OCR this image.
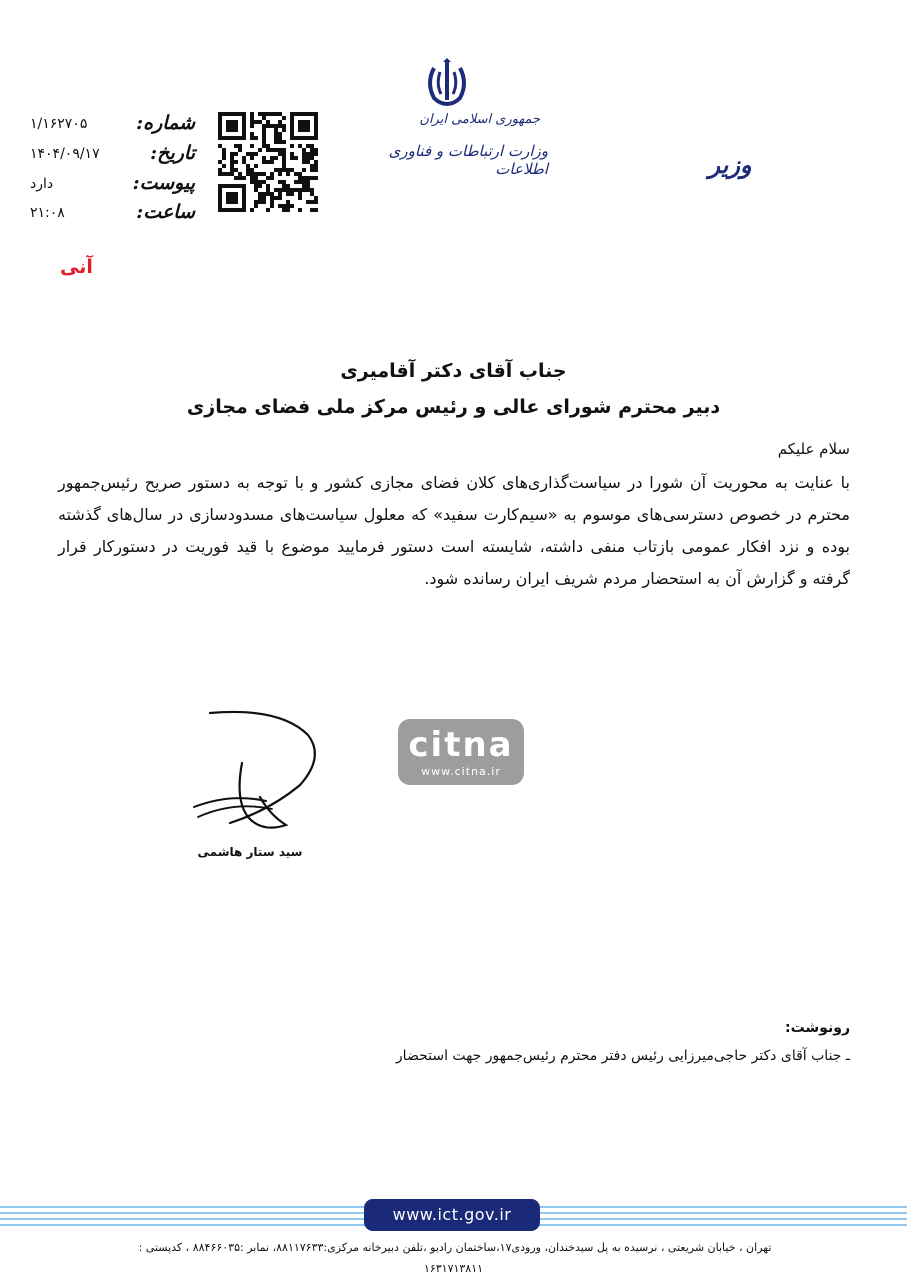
جمهوری اسلامی ایران
وزارت ارتباطات و فناوری اطلاعات	وزیر
شماره:
۱/۱۶۲۷۰۵
تاریخ:
۱۴۰۴/۰۹/۱۷
پیوست:
دارد
ساعت:
۲۱:۰۸
آنی
جناب آقای دکتر آقامیری
دبیر محترم شورای عالی و رئیس مرکز ملی فضای مجازی
سلام علیکم
با عنایت به محوریت آن شورا در سیاست‌گذاری‌های کلان فضای مجازی کشور و با توجه به دستور صریح رئیس‌جمهور محترم در خصوص دسترسی‌های موسوم به «سیم‌کارت سفید» که معلول سیاست‌های مسدودسازی در سال‌های گذشته بوده و نزد افکار عمومی بازتاب منفی داشته، شایسته است دستور فرمایید موضوع با قید فوریت در دستورکار قرار گرفته و گزارش آن به استحضار مردم شریف ایران رسانده شود.
citna
www.citna.ir
سید ستار هاشمی
رونوشت:
ـ جناب آقای دکتر حاجی‌میرزایی رئیس دفتر محترم رئیس‌جمهور جهت استحضار
www.ict.gov.ir
تهران ، خیابان شریعتی ، نرسیده به پل سیدخندان، ورودی۱۷،ساختمان رادیو ،تلفن دبیرخانه مرکزی:۸۸۱۱۷۶۳۳، نمابر :۸۸۴۶۶۰۳۵ ، کدپستی :
۱۶۳۱۷۱۳۸۱۱
